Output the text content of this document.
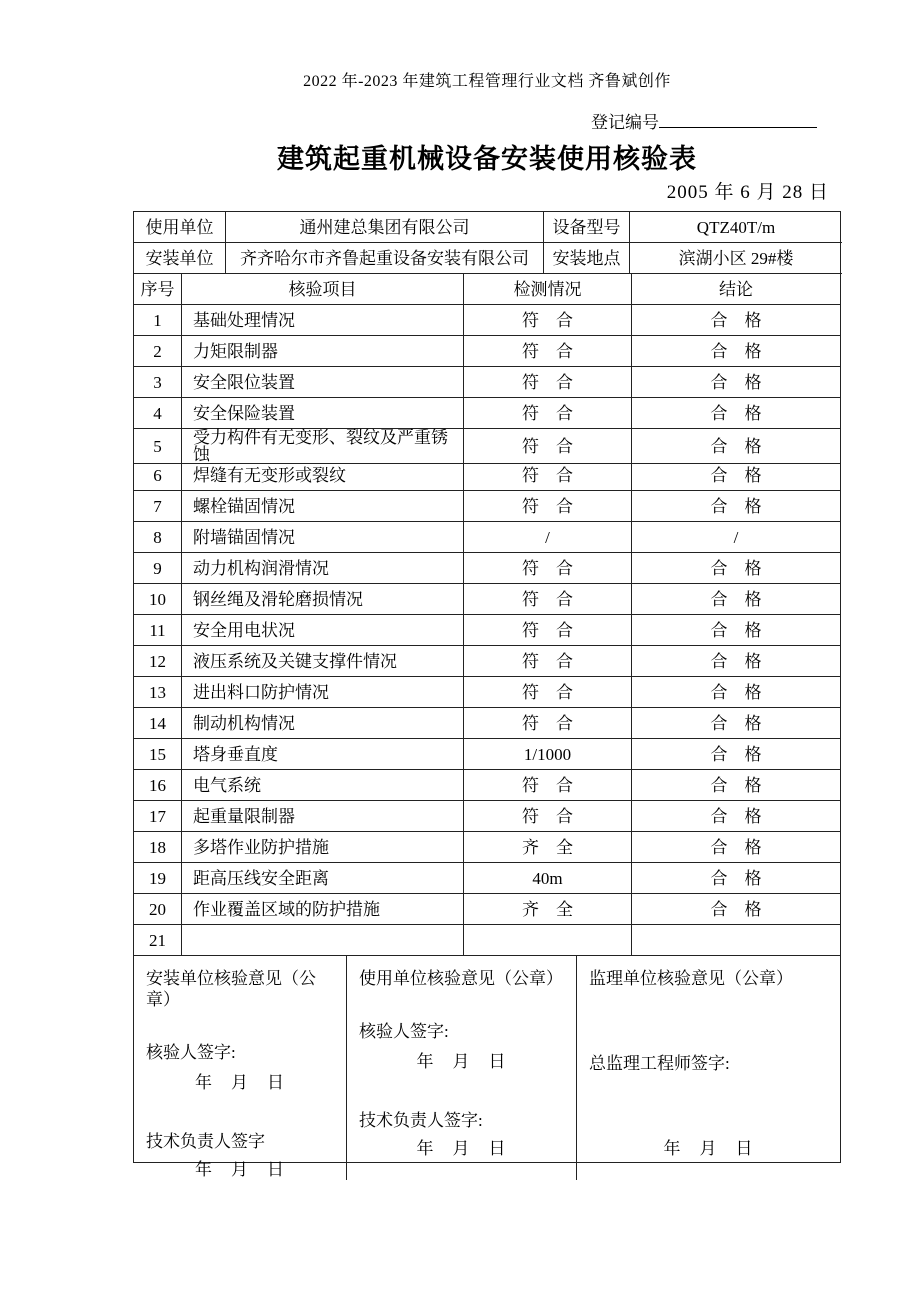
2022 年-2023 年建筑工程管理行业文档 齐鲁斌创作
登记编号
建筑起重机械设备安装使用核验表
2005 年 6 月 28 日
使用单位	通州建总集团有限公司	设备型号	QTZ40T/m
安装单位	齐齐哈尔市齐鲁起重设备安装有限公司	安装地点	滨湖小区 29#楼
序号	核验项目	检测情况	结论
1	基础处理情况	符　合	合　格
2	力矩限制器	符　合	合　格
3	安全限位装置	符　合	合　格
4	安全保险装置	符　合	合　格
5	受力构件有无变形、裂纹及严重锈蚀	符　合	合　格
6	焊缝有无变形或裂纹	符　合	合　格
7	螺栓锚固情况	符　合	合　格
8	附墙锚固情况	/	/
9	动力机构润滑情况	符　合	合　格
10	钢丝绳及滑轮磨损情况	符　合	合　格
11	安全用电状况	符　合	合　格
12	液压系统及关键支撑件情况	符　合	合　格
13	进出料口防护情况	符　合	合　格
14	制动机构情况	符　合	合　格
15	塔身垂直度	1/1000	合　格
16	电气系统	符　合	合　格
17	起重量限制器	符　合	合　格
18	多塔作业防护措施	齐　全	合　格
19	距高压线安全距离	40m	合　格
20	作业覆盖区域的防护措施	齐　全	合　格
21
安装单位核验意见（公章）
核验人签字:
年　月　日
技术负责人签字
年　月　日
使用单位核验意见（公章）
核验人签字:
年　月　日
技术负责人签字:
年　月　日
监理单位核验意见（公章）
总监理工程师签字:
年　月　日
